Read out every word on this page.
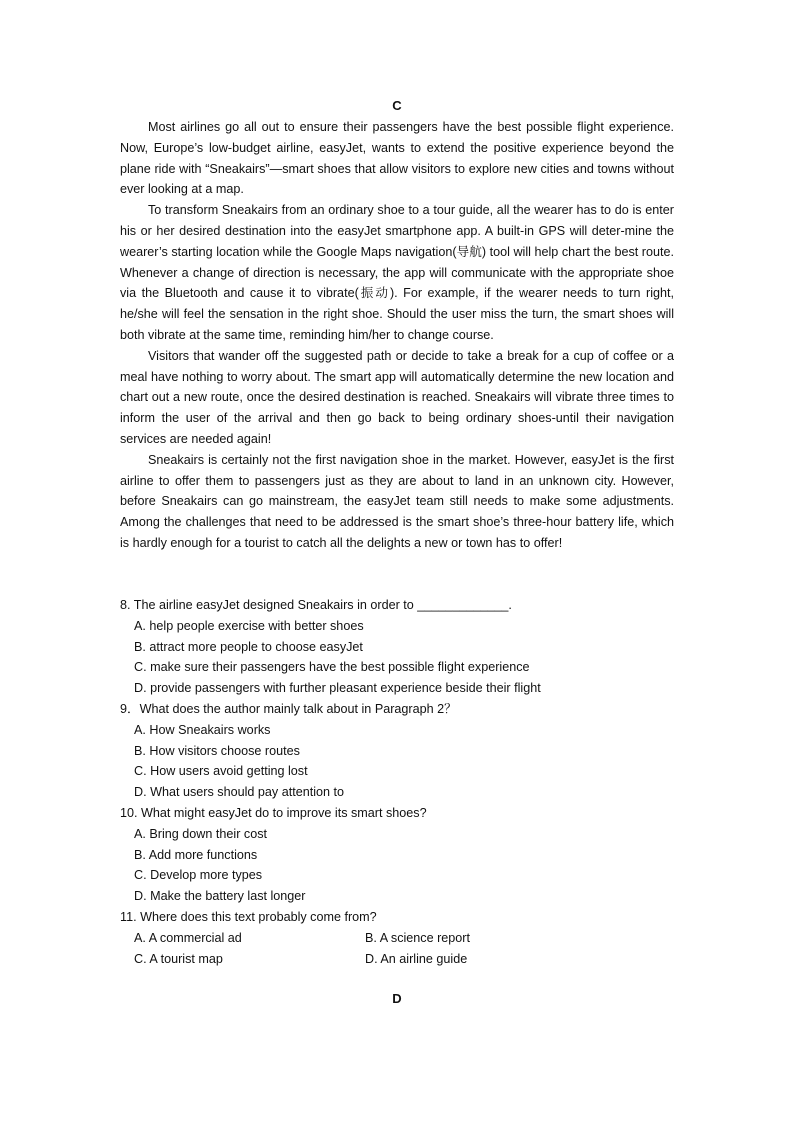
C

Most airlines go all out to ensure their passengers have the best possible flight experience. Now, Europe’s low-budget airline, easyJet, wants to extend the positive experience beyond the plane ride with “Sneakairs”—smart shoes that allow visitors to explore new cities and towns without ever looking at a map.

To transform Sneakairs from an ordinary shoe to a tour guide, all the wearer has to do is enter his or her desired destination into the easyJet smartphone app. A built-in GPS will deter-mine the wearer’s starting location while the Google Maps navigation(导航) tool will help chart the best route. Whenever a change of direction is necessary, the app will communicate with the appropriate shoe via the Bluetooth and cause it to vibrate(振动). For example, if the wearer needs to turn right, he/she will feel the sensation in the right shoe. Should the user miss the turn, the smart shoes will both vibrate at the same time, reminding him/her to change course.

Visitors that wander off the suggested path or decide to take a break for a cup of coffee or a meal have nothing to worry about. The smart app will automatically determine the new location and chart out a new route, once the desired destination is reached. Sneakairs will vibrate three times to inform the user of the arrival and then go back to being ordinary shoes-until their navigation services are needed again!

Sneakairs is certainly not the first navigation shoe in the market. However, easyJet is the first airline to offer them to passengers just as they are about to land in an unknown city. However, before Sneakairs can go mainstream, the easyJet team still needs to make some adjustments. Among the challenges that need to be addressed is the smart shoe’s three-hour battery life, which is hardly enough for a tourist to catch all the delights a new or town has to offer!

8. The airline easyJet designed Sneakairs in order to _____________.

A. help people exercise with better shoes

B. attract more people to choose easyJet

C. make sure their passengers have the best possible flight experience

D. provide passengers with further pleasant experience beside their flight

9．What does the author mainly talk about in Paragraph 2？

A. How Sneakairs works

B. How visitors choose routes

C. How users avoid getting lost

D. What users should pay attention to

10. What might easyJet do to improve its smart shoes?

A. Bring down their cost

B. Add more functions

C. Develop more types

D. Make the battery last longer

11. Where does this text probably come from?

A. A commercial ad	B. A science report
C. A tourist map	D. An airline guide
D
